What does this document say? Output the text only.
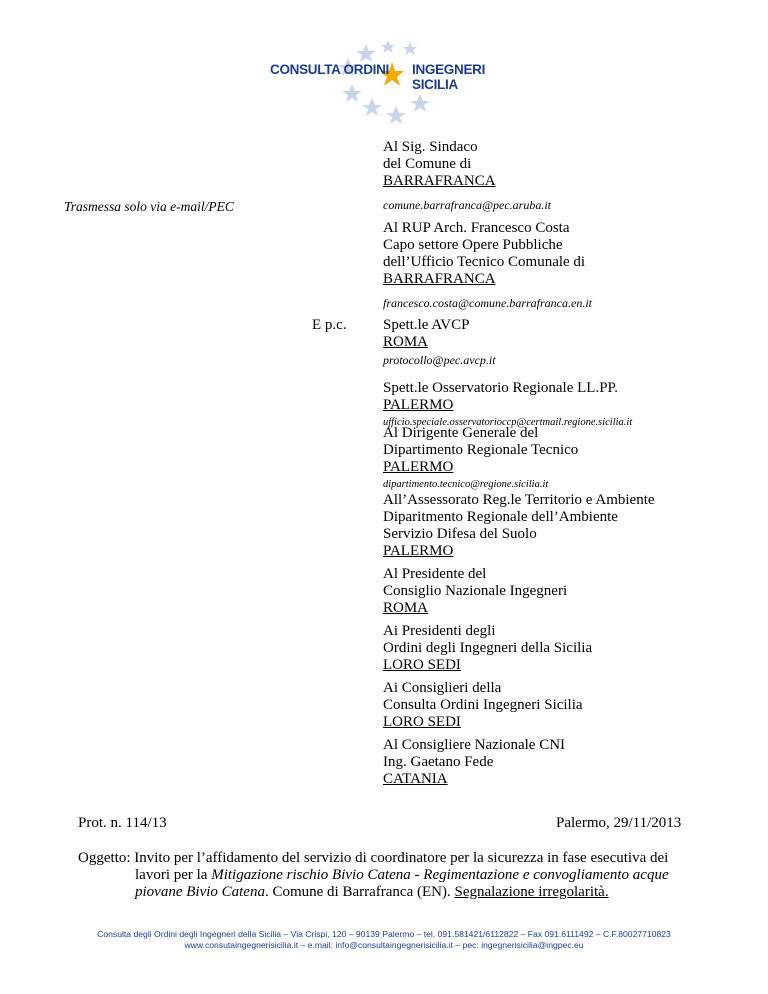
CONSULTA ORDINI INGEGNERI SICILIA
Al Sig. Sindaco
del Comune di
BARRAFRANCA
comune.barrafranca@pec.aruba.it
Trasmessa solo via e-mail/PEC
Al RUP Arch. Francesco Costa
Capo settore Opere Pubbliche
dell’Ufficio Tecnico Comunale di
BARRAFRANCA
francesco.costa@comune.barrafranca.en.it
E p.c. Spett.le AVCP
ROMA
protocollo@pec.avcp.it
Spett.le Osservatorio Regionale LL.PP.
PALERMO
ufficio.speciale.osservatorioccp@certmail.regione.sicilia.it
Al Dirigente Generale del
Dipartimento Regionale Tecnico
PALERMO
dipartimento.tecnico@regione.sicilia.it
All’Assessorato Reg.le Territorio e Ambiente
Diparitmento Regionale dell’Ambiente
Servizio Difesa del Suolo
PALERMO
Al Presidente del
Consiglio Nazionale Ingegneri
ROMA
Ai Presidenti degli
Ordini degli Ingegneri della Sicilia
LORO SEDI
Ai Consiglieri della
Consulta Ordini Ingegneri Sicilia
LORO SEDI
Al Consigliere Nazionale CNI
Ing. Gaetano Fede
CATANIA
Prot. n. 114/13	Palermo, 29/11/2013
Oggetto: Invito per l’affidamento del servizio di coordinatore per la sicurezza in fase esecutiva dei
lavori per la Mitigazione rischio Bivio Catena - Regimentazione e convogliamento acque
piovane Bivio Catena. Comune di Barrafranca (EN). Segnalazione irregolarità.
Consulta degli Ordini degli Ingegneri della Sicilia – Via Crispi, 120 – 90139 Palermo – tel. 091.581421/6112822 – Fax 091.6111492 – C.F.80027710823
www.consutaingegnerisicilia.it – e.mail: info@consultaingegnerisicilia.it – pec: ingegnerisicilia@ingpec.eu
